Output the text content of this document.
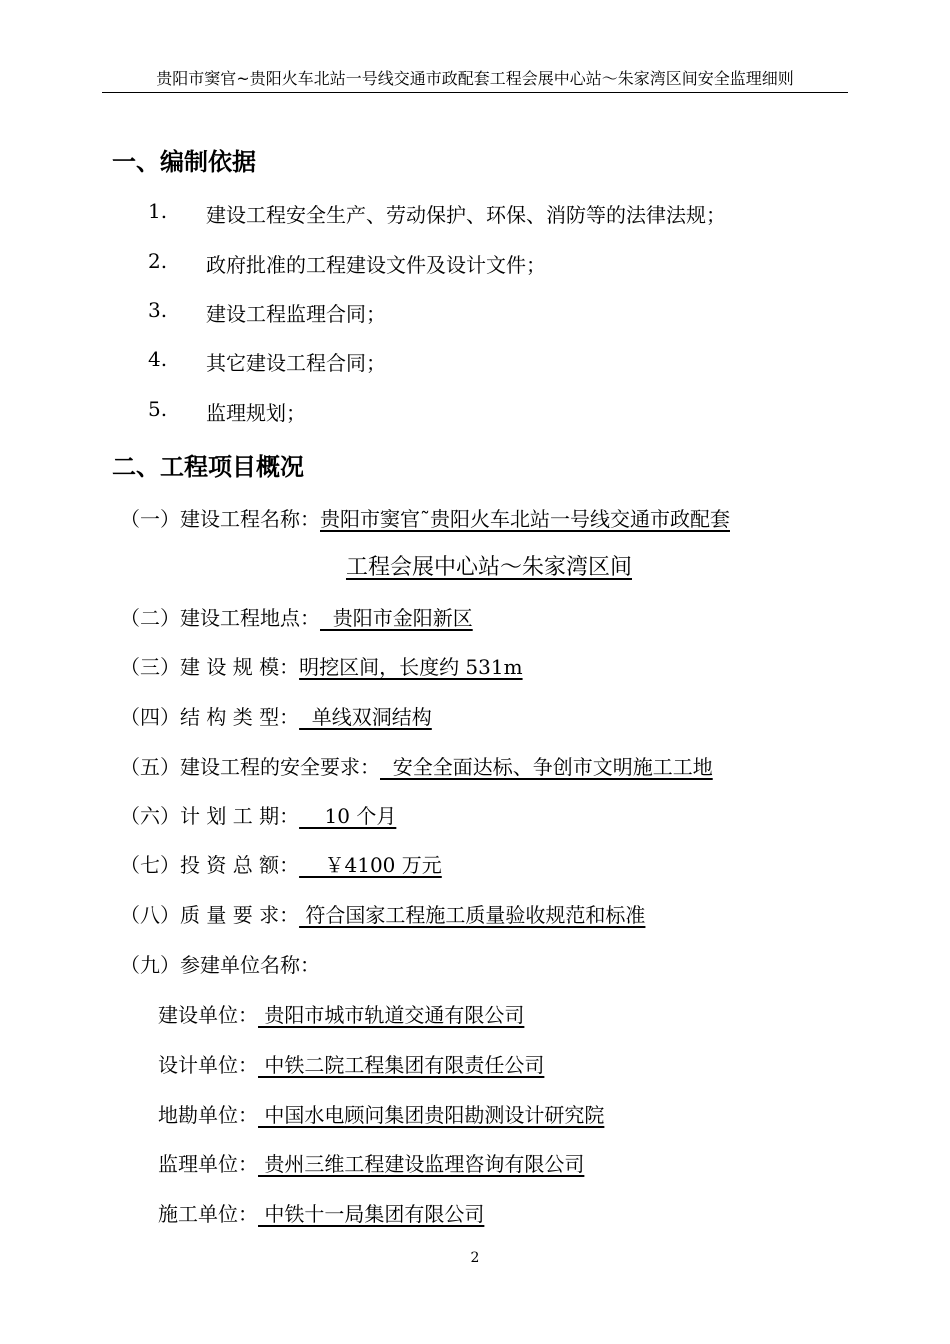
贵阳市窦官~贵阳火车北站一号线交通市政配套工程会展中心站～朱家湾区间安全监理细则
一、编制依据
1. 建设工程安全生产、劳动保护、环保、消防等的法律法规；
2. 政府批准的工程建设文件及设计文件；
3. 建设工程监理合同；
4. 其它建设工程合同；
5. 监理规划；
二、工程项目概况
（一）建设工程名称：贵阳市窦官˜贵阳火车北站一号线交通市政配套
工程会展中心站～朱家湾区间
（二）建设工程地点：  贵阳市金阳新区
（三）建 设 规 模：明挖区间，长度约 531m
（四）结 构 类 型：  单线双洞结构
（五）建设工程的安全要求：  安全全面达标、争创市文明施工工地
（六）计 划 工 期：    10 个月
（七）投 资 总 额：    ￥4100 万元
（八）质 量 要 求： 符合国家工程施工质量验收规范和标准
（九）参建单位名称：
建设单位： 贵阳市城市轨道交通有限公司
设计单位： 中铁二院工程集团有限责任公司
地勘单位： 中国水电顾问集团贵阳勘测设计研究院
监理单位： 贵州三维工程建设监理咨询有限公司
施工单位： 中铁十一局集团有限公司
2
